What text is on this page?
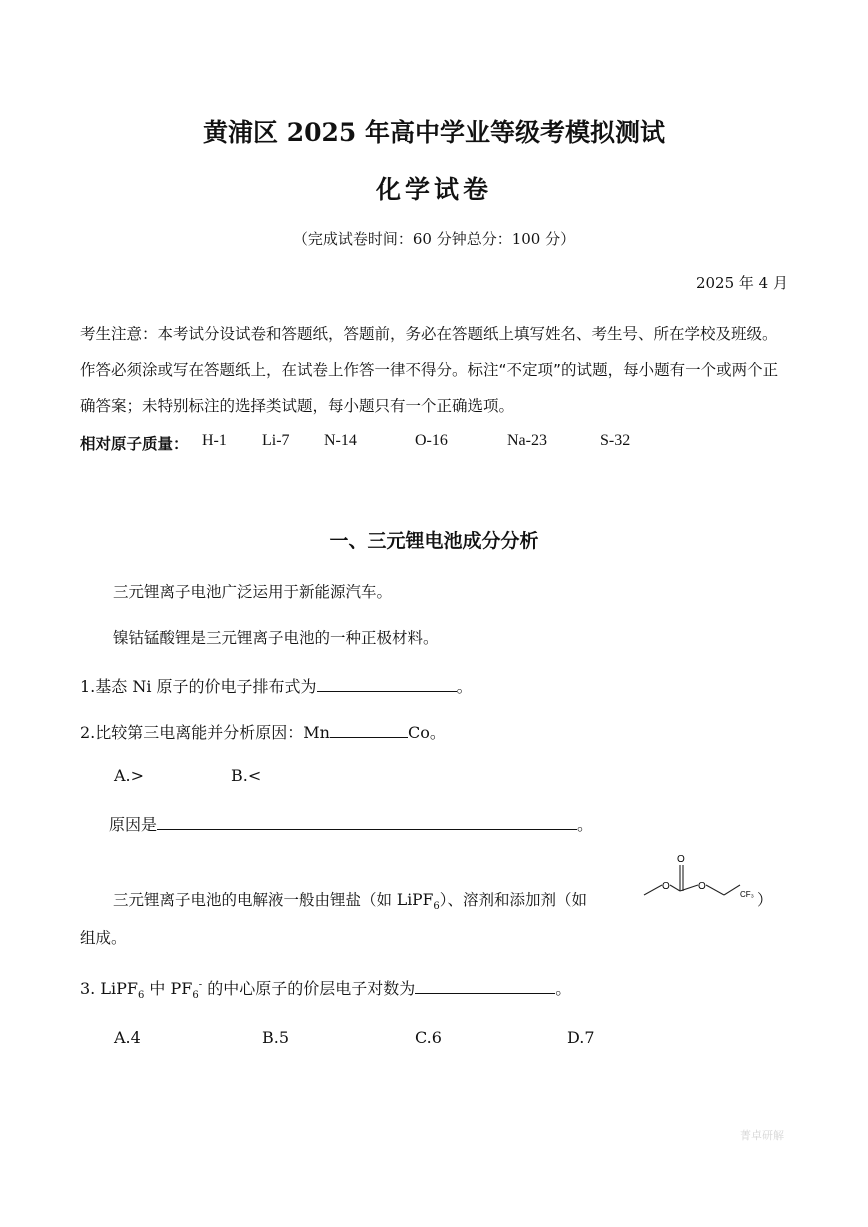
黄浦区 2025 年高中学业等级考模拟测试
化学试卷
（完成试卷时间：60 分钟总分：100 分）
2025 年 4 月
考生注意：本考试分设试卷和答题纸，答题前，务必在答题纸上填写姓名、考生号、所在学校及班级。作答必须涂或写在答题纸上，在试卷上作答一律不得分。标注“不定项”的试题，每小题有一个或两个正确答案；未特别标注的选择类试题，每小题只有一个正确选项。
相对原子质量： H-1 Li-7 N-14	O-16	Na-23	S-32
一、三元锂电池成分分析
三元锂离子电池广泛运用于新能源汽车。
镍钴锰酸锂是三元锂离子电池的一种正极材料。
1.基态 Ni 原子的价电子排布式为	。
2.比较第三电离能并分析原因：Mn	Co。
A.>	B.<
原因是	。
三元锂离子电池的电解液一般由锂盐（如 LiPF$_6$）、溶剂和添加剂（如
O
O
O
CF₃ ）
组成。
3. LiPF$_6$ 中 $PF_6^-$ 的中心原子的价层电子对数为	。
A.4	B.5	C.6	D.7
菁卓研解
